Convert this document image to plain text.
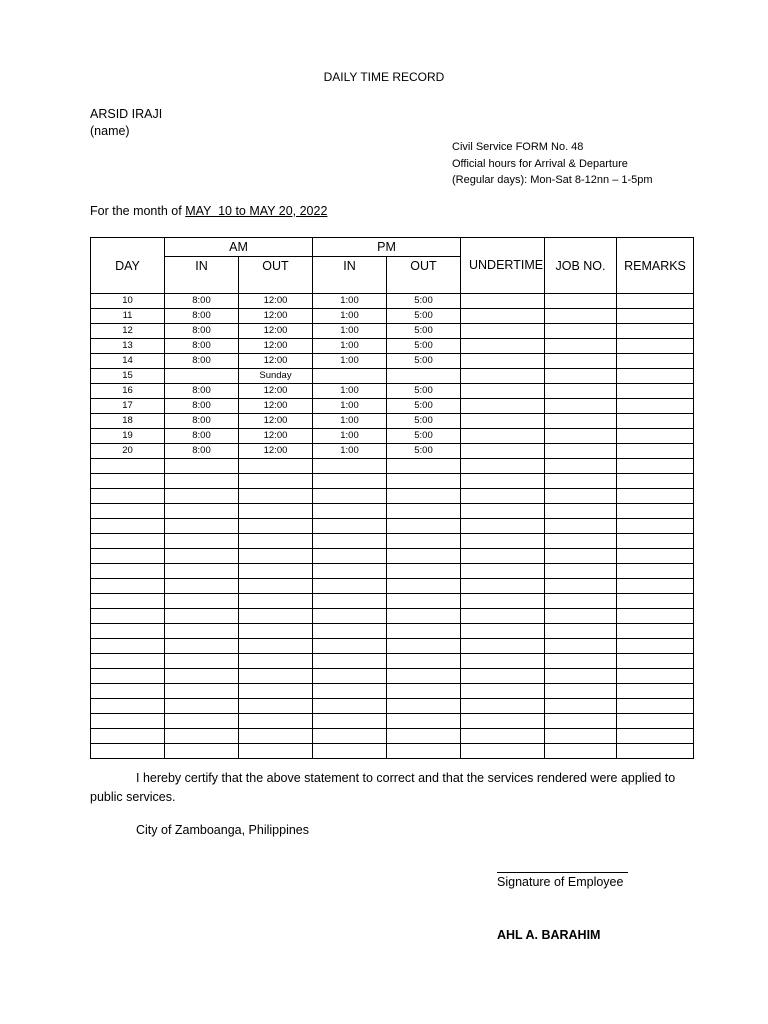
DAILY TIME RECORD
ARSID IRAJI
(name)
Civil Service FORM No. 48
Official hours for Arrival & Departure
(Regular days): Mon-Sat 8-12nn – 1-5pm
For the month of MAY  10 to MAY 20, 2022
DAY	AM		PM		UNDERTIME	JOB NO.	REMARKS
	IN	OUT	IN	OUT			
10	8:00	12:00	1:00	5:00			
11	8:00	12:00	1:00	5:00			
12	8:00	12:00	1:00	5:00			
13	8:00	12:00	1:00	5:00			
14	8:00	12:00	1:00	5:00			
15		Sunday					
16	8:00	12:00	1:00	5:00			
17	8:00	12:00	1:00	5:00			
18	8:00	12:00	1:00	5:00			
19	8:00	12:00	1:00	5:00			
20	8:00	12:00	1:00	5:00			

I hereby certify that the above statement to correct and that the services rendered were applied to public services.
City of Zamboanga, Philippines
Signature of Employee
AHL A. BARAHIM
